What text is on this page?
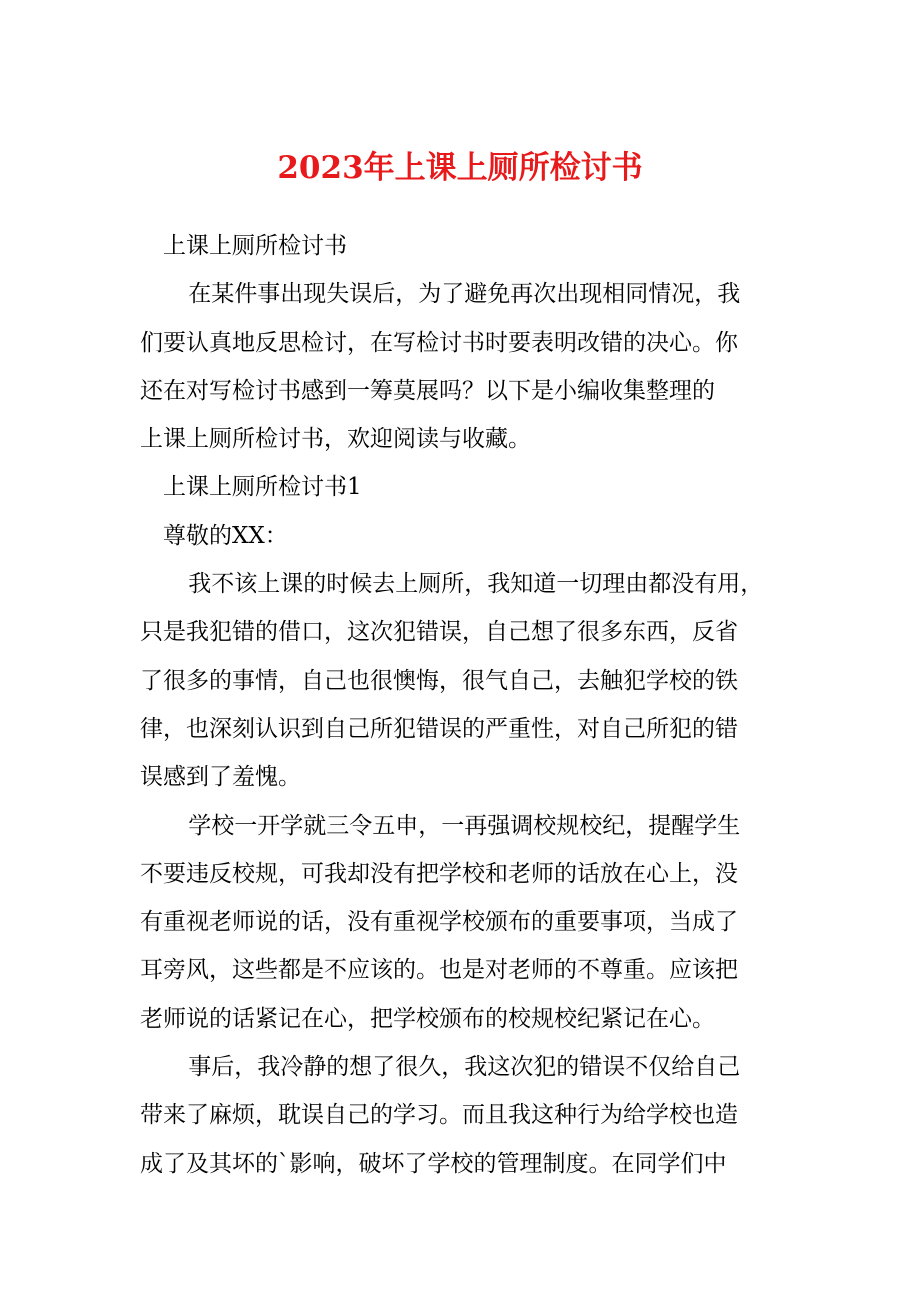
2023年上课上厕所检讨书

上课上厕所检讨书

在某件事出现失误后，为了避免再次出现相同情况，我
们要认真地反思检讨，在写检讨书时要表明改错的决心。你
还在对写检讨书感到一筹莫展吗？以下是小编收集整理的
上课上厕所检讨书，欢迎阅读与收藏。

上课上厕所检讨书1

尊敬的XX：

我不该上课的时候去上厕所，我知道一切理由都没有用，
只是我犯错的借口，这次犯错误，自己想了很多东西，反省
了很多的事情，自己也很懊悔，很气自己，去触犯学校的铁
律，也深刻认识到自己所犯错误的严重性，对自己所犯的错
误感到了羞愧。

学校一开学就三令五申，一再强调校规校纪，提醒学生
不要违反校规，可我却没有把学校和老师的话放在心上，没
有重视老师说的话，没有重视学校颁布的重要事项，当成了
耳旁风，这些都是不应该的。也是对老师的不尊重。应该把
老师说的话紧记在心，把学校颁布的校规校纪紧记在心。

事后，我冷静的想了很久，我这次犯的错误不仅给自己
带来了麻烦，耽误自己的学习。而且我这种行为给学校也造
成了及其坏的`影响，破坏了学校的管理制度。在同学们中
